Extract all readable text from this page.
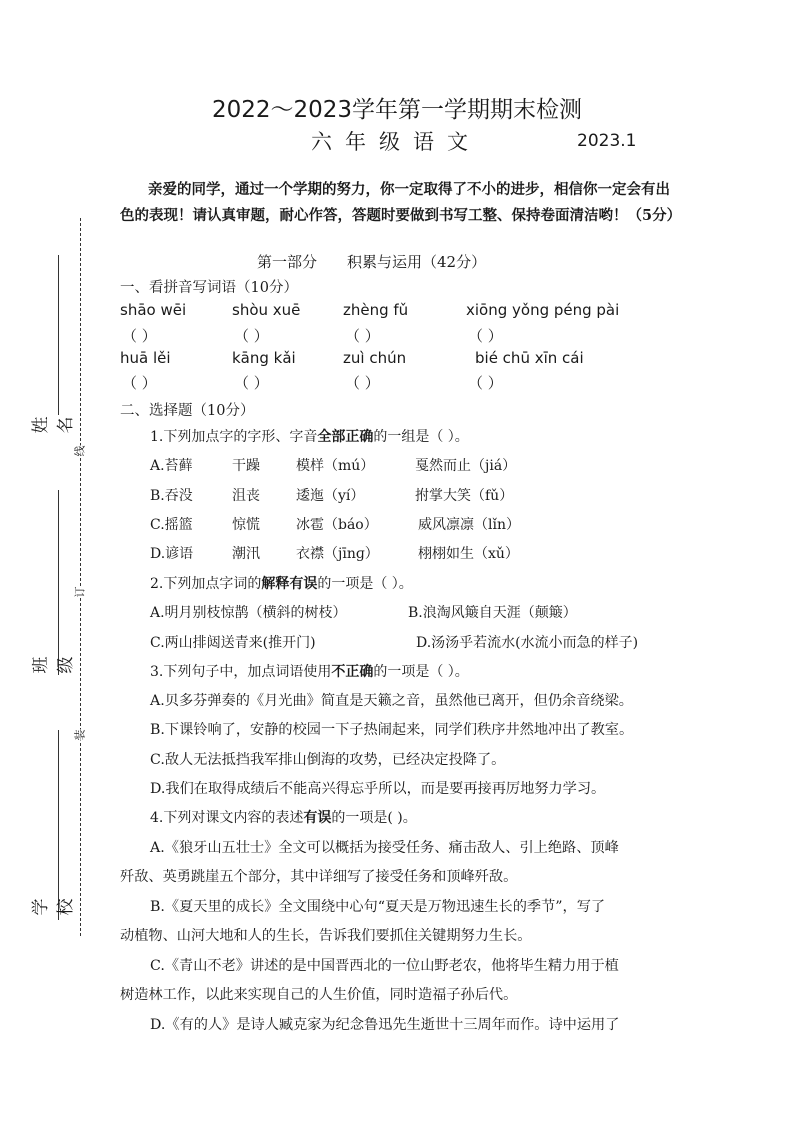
姓名
班级
学校
线
订
装
2022～2023学年第一学期期末检测
六年级语文	2023.1
亲爱的同学，通过一个学期的努力，你一定取得了不小的进步，相信你一定会有出色的表现！请认真审题，耐心作答，答题时要做到书写工整、保持卷面清洁哟！（5分）
第一部分 积累与运用（42分）
一、看拼音写词语（10分）
shāo wēi	shòu xuē	zhèng fǔ	xiōng yǒng péng pài
（ ）	（ ）	（ ）	（ ）
huā lěi	kāng kǎi	zuì chún	bié chū xīn cái
（ ）	（ ）	（ ）	（ ）
二、选择题（10分）
1.下列加点字的字形、字音全部正确的一组是（ ）。
A.苔藓	干躁	模样（mú）	戛然而止（jiá）
B.吞没	沮丧	逶迤（yí）	拊掌大笑（fǔ）
C.摇篮	惊慌	冰雹（báo）	威风凛凛（lǐn）
D.谚语	潮汛	衣襟（jīnɡ）	栩栩如生（xǔ）
2.下列加点字词的解释有误的一项是（ ）。
A.明月别枝惊鹊（横斜的树枝）	B.浪淘风簸自天涯（颠簸）
C.两山排闼送青来(推开门)	D.汤汤乎若流水(水流小而急的样子)
3.下列句子中，加点词语使用不正确的一项是（ ）。
A.贝多芬弹奏的《月光曲》简直是天籁之音，虽然他已离开，但仍余音绕梁。
B.下课铃响了，安静的校园一下子热闹起来，同学们秩序井然地冲出了教室。
C.敌人无法抵挡我军排山倒海的攻势，已经决定投降了。
D.我们在取得成绩后不能高兴得忘乎所以，而是要再接再厉地努力学习。
4.下列对课文内容的表述有误的一项是( )。
A.《狼牙山五壮士》全文可以概括为接受任务、痛击敌人、引上绝路、顶峰
歼敌、英勇跳崖五个部分，其中详细写了接受任务和顶峰歼敌。
B.《夏天里的成长》全文围绕中心句“夏天是万物迅速生长的季节”，写了
动植物、山河大地和人的生长，告诉我们要抓住关键期努力生长。
C.《青山不老》讲述的是中国晋西北的一位山野老农，他将毕生精力用于植
树造林工作，以此来实现自己的人生价值，同时造福子孙后代。
D.《有的人》是诗人臧克家为纪念鲁迅先生逝世十三周年而作。诗中运用了
